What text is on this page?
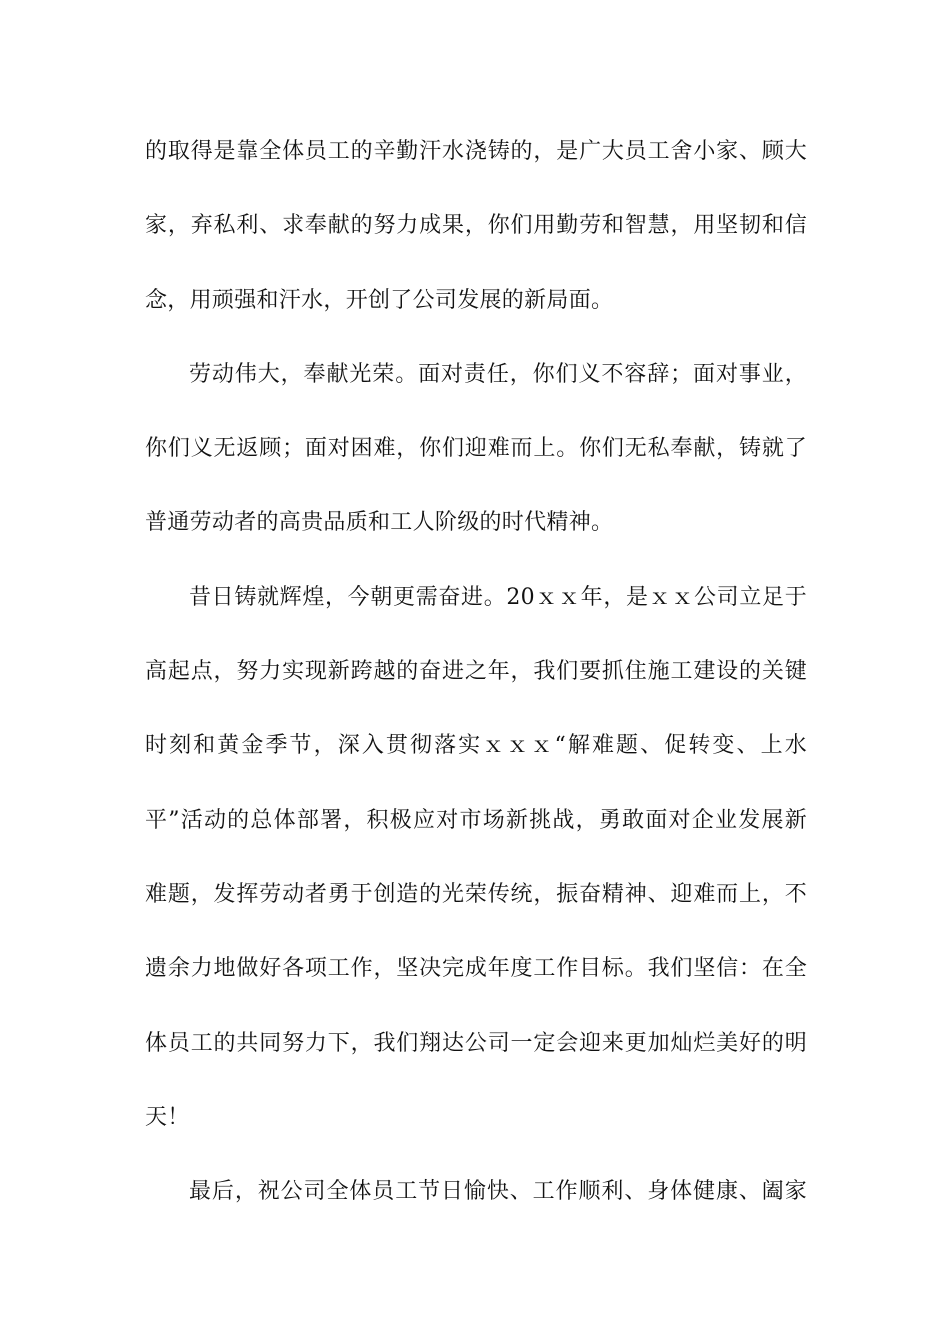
的取得是靠全体员工的辛勤汗水浇铸的，是广大员工舍小家、顾大
家，弃私利、求奉献的努力成果，你们用勤劳和智慧，用坚韧和信
念，用顽强和汗水，开创了公司发展的新局面。
劳动伟大，奉献光荣。面对责任，你们义不容辞；面对事业，
你们义无返顾；面对困难，你们迎难而上。你们无私奉献，铸就了
普通劳动者的高贵品质和工人阶级的时代精神。
昔日铸就辉煌，今朝更需奋进。20ｘｘ年，是ｘｘ公司立足于
高起点，努力实现新跨越的奋进之年，我们要抓住施工建设的关键
时刻和黄金季节，深入贯彻落实ｘｘｘ“解难题、促转变、上水
平”活动的总体部署，积极应对市场新挑战，勇敢面对企业发展新
难题，发挥劳动者勇于创造的光荣传统，振奋精神、迎难而上，不
遗余力地做好各项工作，坚决完成年度工作目标。我们坚信：在全
体员工的共同努力下，我们翔达公司一定会迎来更加灿烂美好的明
天！
最后，祝公司全体员工节日愉快、工作顺利、身体健康、阖家
